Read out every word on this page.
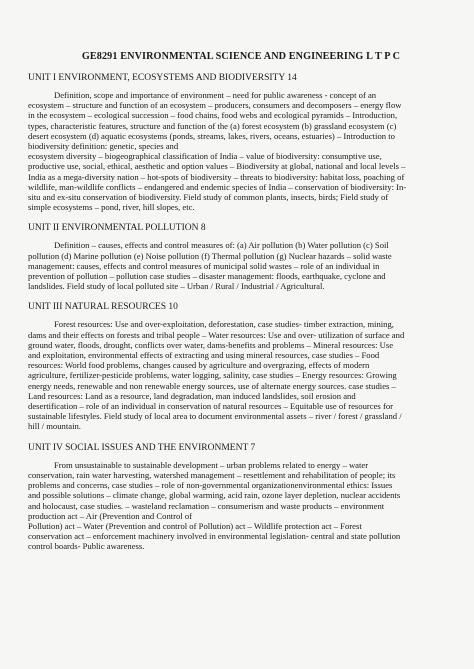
GE8291 ENVIRONMENTAL SCIENCE AND ENGINEERING L T P C
UNIT I ENVIRONMENT, ECOSYSTEMS AND BIODIVERSITY 14
Definition, scope and importance of environment – need for public awareness - concept of an
ecosystem – structure and function of an ecosystem – producers, consumers and decomposers – energy flow
in the ecosystem – ecological succession – food chains, food webs and ecological pyramids – Introduction,
types, characteristic features, structure and function of the (a) forest ecosystem (b) grassland ecosystem (c)
desert ecosystem (d) aquatic ecosystems (ponds, streams, lakes, rivers, oceans, estuaries) – Introduction to
biodiversity definition: genetic, species and
ecosystem diversity – biogeographical classification of India – value of biodiversity: consumptive use,
productive use, social, ethical, aesthetic and option values – Biodiversity at global, national and local levels –
India as a mega-diversity nation – hot-spots of biodiversity – threats to biodiversity: habitat loss, poaching of
wildlife, man-wildlife conflicts – endangered and endemic species of India – conservation of biodiversity: In-
situ and ex-situ conservation of biodiversity. Field study of common plants, insects, birds; Field study of
simple ecosystems – pond, river, hill slopes, etc.
UNIT II ENVIRONMENTAL POLLUTION 8
Definition – causes, effects and control measures of: (a) Air pollution (b) Water pollution (c) Soil
pollution (d) Marine pollution (e) Noise pollution (f) Thermal pollution (g) Nuclear hazards – solid waste
management: causes, effects and control measures of municipal solid wastes – role of an individual in
prevention of pollution – pollution case studies – disaster management: floods, earthquake, cyclone and
landslides. Field study of local polluted site – Urban / Rural / Industrial / Agricultural.
UNIT III NATURAL RESOURCES 10
Forest resources: Use and over-exploitation, deforestation, case studies- timber extraction, mining,
dams and their effects on forests and tribal people – Water resources: Use and over- utilization of surface and
ground water, floods, drought, conflicts over water, dams-benefits and problems – Mineral resources: Use
and exploitation, environmental effects of extracting and using mineral resources, case studies – Food
resources: World food problems, changes caused by agriculture and overgrazing, effects of modern
agriculture, fertilizer-pesticide problems, water logging, salinity, case studies – Energy resources: Growing
energy needs, renewable and non renewable energy sources, use of alternate energy sources. case studies –
Land resources: Land as a resource, land degradation, man induced landslides, soil erosion and
desertification – role of an individual in conservation of natural resources – Equitable use of resources for
sustainable lifestyles. Field study of local area to document environmental assets – river / forest / grassland /
hill / mountain.
UNIT IV SOCIAL ISSUES AND THE ENVIRONMENT 7
From unsustainable to sustainable development – urban problems related to energy – water
conservation, rain water harvesting, watershed management – resettlement and rehabilitation of people; its
problems and concerns, case studies – role of non-governmental organizationenvironmental ethics: Issues
and possible solutions – climate change, global warming, acid rain, ozone layer depletion, nuclear accidents
and holocaust, case studies. – wasteland reclamation – consumerism and waste products – environment
production act – Air (Prevention and Control of
Pollution) act – Water (Prevention and control of Pollution) act – Wildlife protection act – Forest
conservation act – enforcement machinery involved in environmental legislation- central and state pollution
control boards- Public awareness.
